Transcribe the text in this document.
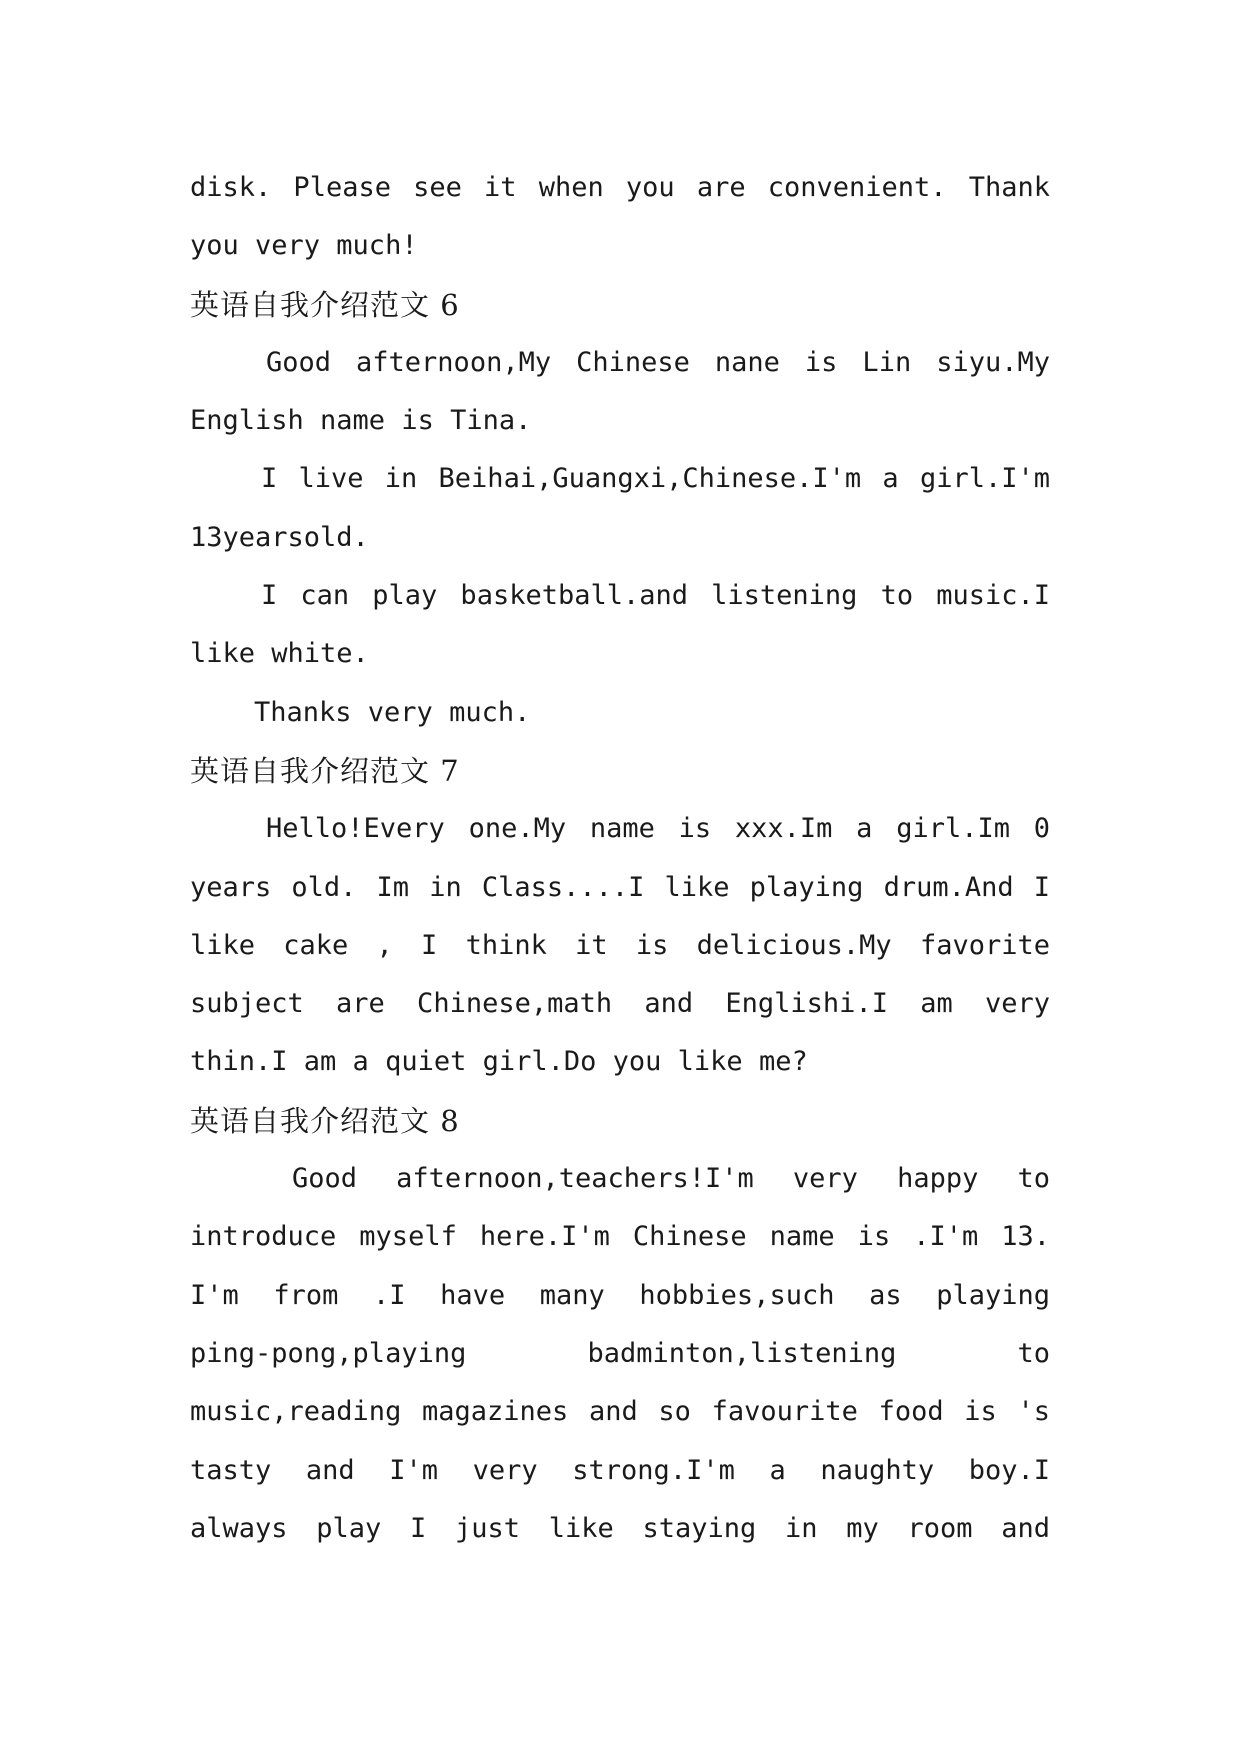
disk. Please see it when you are convenient. Thank
you very much!
英语自我介绍范文 6
Good afternoon,My Chinese nane is Lin siyu.My
English name is Tina.
I live in Beihai,Guangxi,Chinese.I'm a girl.I'm
13yearsold.
I can play basketball.and listening to music.I
like white.
Thanks very much.
英语自我介绍范文 7
Hello!Every one.My name is xxx.Im a girl.Im 0
years old. Im in Class....I like playing drum.And I
like cake , I think it is delicious.My favorite
subject are Chinese,math and Englishi.I am very
thin.I am a quiet girl.Do you like me?
英语自我介绍范文 8
Good afternoon,teachers!I'm very happy to
introduce myself here.I'm Chinese name is .I'm 13.
I'm from .I have many hobbies,such as playing
ping-pong,playing badminton,listening to
music,reading magazines and so favourite food is 's
tasty and I'm very strong.I'm a naughty boy.I
always play I just like staying in my room and
